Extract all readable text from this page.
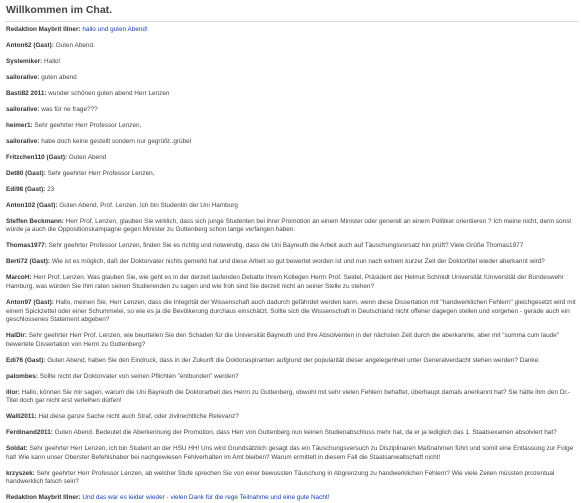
Willkommen im Chat.
Redaktion Maybrit Illner: hallo und guten Abend!
Anton62 (Gast): Guten Abend.
Systemiker: Hallo!
sailoralive: guten abend
Basti82 2011: wunder schönen guten abend Herr Lenzen
sailoralive: was für ne frage???
heimer1: Sehr geehrter Herr Professor Lenzen,
sailoralive: habe doch keine gestellt sondern nur gegrüßt..grübel
Fritzchen110 (Gast): Guten Abend
Det80 (Gast): Sehr geehrter Herr Professor Lenzen,
Edi98 (Gast): 23
Anton102 (Gast): Guten Abend, Prof. Lenzen. Ich bin Studentin der Uni Hamburg
Steffen Beckmann: Herr Prof. Lenzen, glauben Sie wirklich, dass sich junge Studenten bei ihrer Promotion an einem Minister oder generell an einem Politiker orientieren ? Ich meine nicht, denn sonst würde ja auch die Oppositionskampagne gegen Minister zu Guttenberg schon lange verfangen haben.
Thomas1977: Sehr geehrter Professor Lenzen, finden Sie es richtig und notwendig, dass die Uni Bayreuth die Arbeit auch auf Täuschungsvorsatz hin prüft? Viele Grüße Thomas1977
Berti72 (Gast): Wie ist es möglich, daß der Doktorvater nichts gemerkt hat und diese Arbeit so gut bewertet worden ist und nun nach extrem kurzer Zeit der Doktortitel wieder aberkannt wird?
MarcoH: Herr Prof. Lenzen. Was glauben Sie, wie geht es in der derzeit laufenden Debatte Ihrem Kollegen Herrn Prof. Seidel, Präsident der Helmut Schmidt Universität /Universität der Bundeswehr Hamburg, was würden Sie Ihm raten seinen Studierenden zu sagen und wie froh sind Sie derzeit nicht an seiner Stelle zu stehen?
Anton97 (Gast): Hallo, meinen Sie, Herr Lenzen, dass die Integrität der Wissenschaft auch dadurch gefährdet werden kann, wenn diese Dissertation mit "handwerklichen Fehlern" gleichgesetzt wird mit einem Spickzettel oder einer Schummelei, so wie es ja die Bevölkerung durchaus einschätzt. Sollte sich die Wissenschaft in Deutschland nicht offener dagegen stellen und vorgehen - gerade auch ein geschlossenes Statement abgeben?
HalDir: Sehr geehrter Herr Prof. Lenzen, wie beurteilen Sie den Schaden für die Universität Bayreuth und Ihre Absolventen in der nächsten Zeit durch die aberkannte, aber mit "summa cum laude" bewertete Dissertation von Herrn zu Guttenberg?
Edi76 (Gast): Guten Abend, haben Sie den Eindruck, dass in der Zukunft die Doktoraspiranten aufgrund der popularität dieser angelegenheit unter Generalverdacht stehen werden? Danke.
palombes: Sollte nicht der Doktorvater von seinen Pflichten "entbunden" werden?
illor: Hallo, können Sie mir sagen, warum die Uni Bayreuth die Doktorarbeit des Herrn zu Guttenberg, obwohl mit sehr vielen Fehlern behaftet, überhaupt damals anerkannt hat? Sie hätte ihm den Dr.-Titel doch gar nicht erst verleihen dürfen!
Walli2011: Hat diese ganze Sache nicht auch Straf, oder zivilrechtliche Relevanz?
Ferdinand2011: Guten Abend. Bedeutet die Aberkennung der Promotion, dass Herr von Guttenberg nun keinen Studienabschluss mehr hat, da er ja lediglich das 1. Staatsexamen absolviert hat?
Soldat: Sehr geehrter Herr Lenzen, ich bin Student an der HSU HH! Uns wird Grundsätzlich gesagt das ein Täuschungsversuch zu Disziplinaren Maßnahmen führt und somit eine Entlassung zur Folge hat! Wie kann unser Oberster Befehlshaber bei nachgewiesen Fehlverhalten im Amt bleiben? Warum ermittelt in diesem Fall die Staatsanwaltschaft nicht!
krzyszek: Sehr geehrter Herr Professor Lenzen, ab welcher Stufe sprechen Sie von einer bewussten Täuschung in Abgrenzung zu handwerklichen Fehlern? Wie viele Zeilen müssten prozentual handwerklich falsch sein?
Redaktion Maybrit Illner: Und das war es leider wieder - vielen Dank für die rege Teilnahme und eine gute Nacht!
